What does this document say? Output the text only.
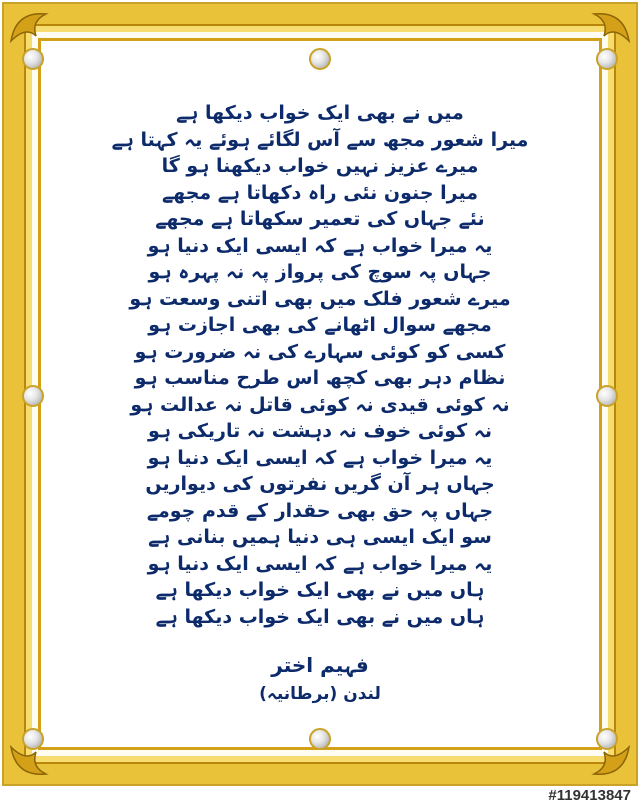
میں نے بھی ایک خواب دیکھا ہے
میرا شعور مجھ سے آس لگائے ہوئے یہ کہتا ہے
میرے عزیز نہیں خواب دیکھنا ہو گا
میرا جنون نئی راہ دکھاتا ہے مجھے
نئے جہاں کی تعمیر سکھاتا ہے مجھے
یہ میرا خواب ہے کہ ایسی ایک دنیا ہو
جہاں پہ سوچ کی پرواز پہ نہ پہرہ ہو
میرے شعور فلک میں بھی اتنی وسعت ہو
مجھے سوال اٹھانے کی بھی اجازت ہو
کسی کو کوئی سہارے کی نہ ضرورت ہو
نظام دہر بھی کچھ اس طرح مناسب ہو
نہ کوئی قیدی نہ کوئی قاتل نہ عدالت ہو
نہ کوئی خوف نہ دہشت نہ تاریکی ہو
یہ میرا خواب ہے کہ ایسی ایک دنیا ہو
جہاں ہر آن گریں نفرتوں کی دیواریں
جہاں پہ حق بھی حقدار کے قدم چومے
سو ایک ایسی ہی دنیا ہمیں بنانی ہے
یہ میرا خواب ہے کہ ایسی ایک دنیا ہو
ہاں میں نے بھی ایک خواب دیکھا ہے
ہاں میں نے بھی ایک خواب دیکھا ہے
فہیم اختر
لندن (برطانیہ)
#119413847
